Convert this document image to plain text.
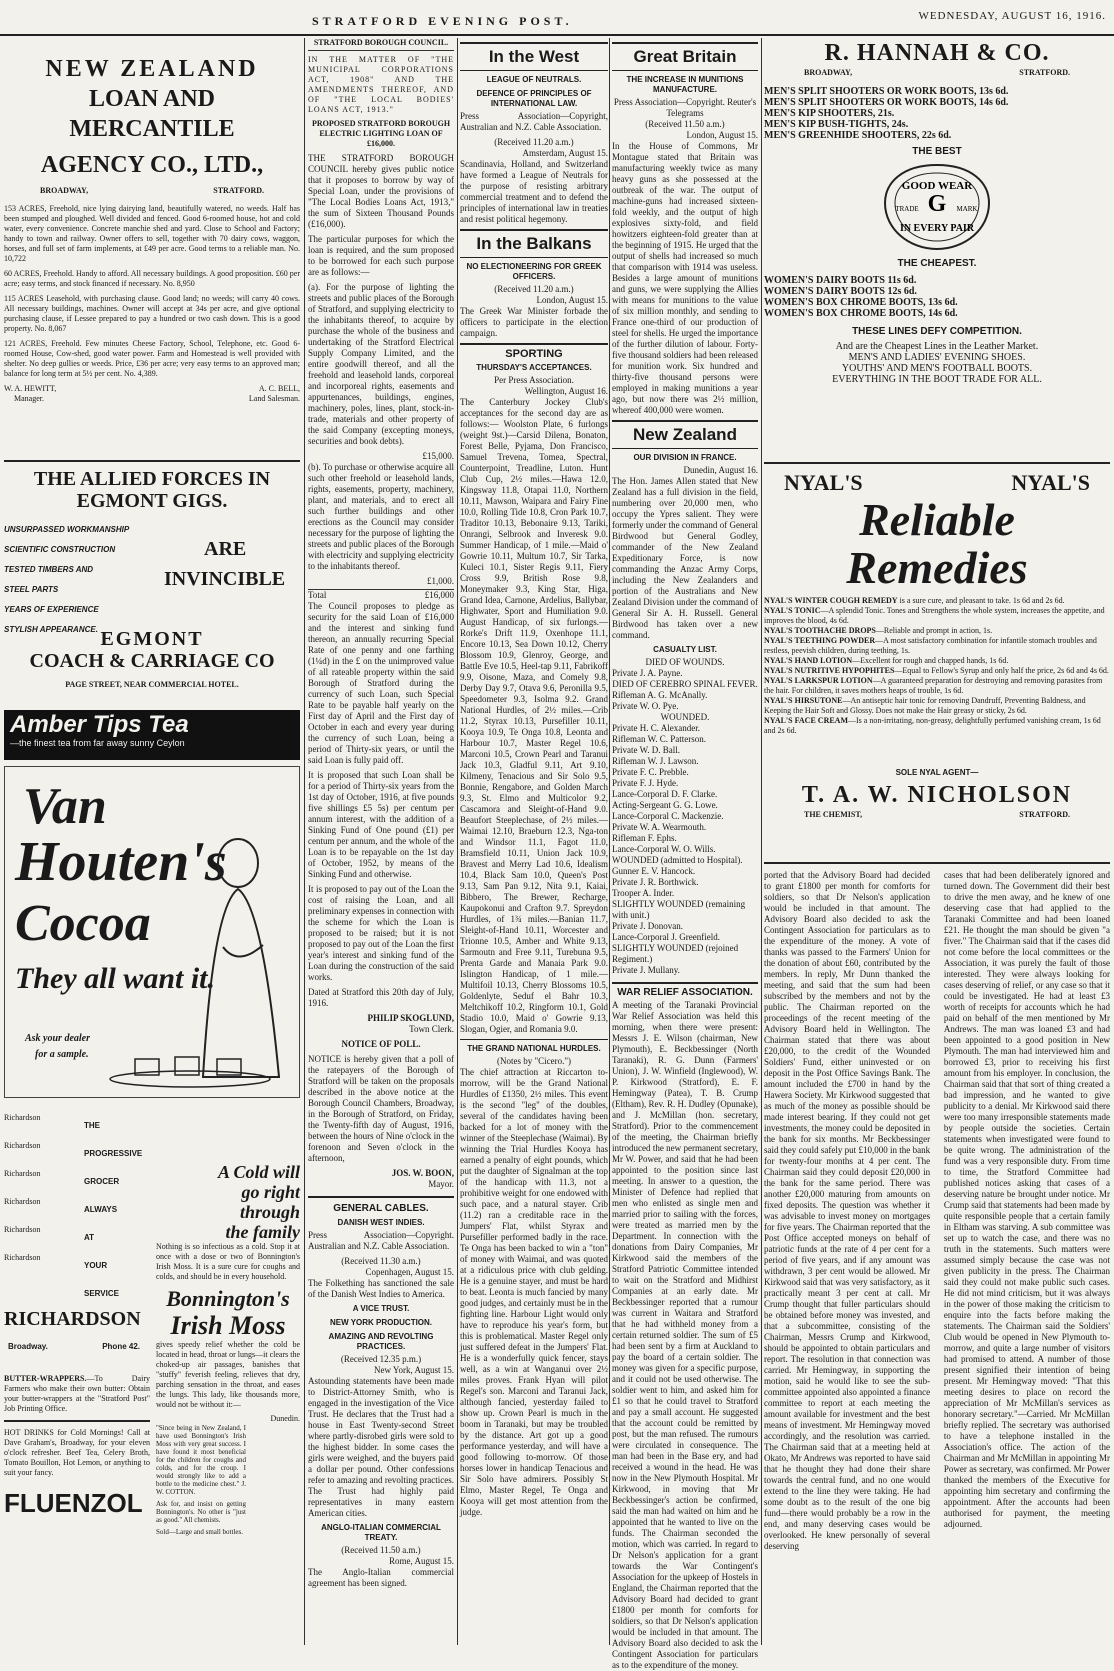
STRATFORD EVENING POST.	WEDNESDAY, AUGUST 16, 1916.
NEW ZEALAND
LOAN AND MERCANTILE
AGENCY CO., LTD.,
BROADWAY,	STRATFORD.
153 ACRES, Freehold, nice lying dairying land, beautifully watered, no weeds. Half has been stumped and ploughed. Well divided and fenced. Good 6-roomed house, hot and cold water, every convenience. Concrete manchie shed and yard. Close to School and Factory; handy to town and railway. Owner offers to sell, together with 70 dairy cows, waggon, horses, and full set of farm implements, at £49 per acre. Good terms to a reliable man. No. 10,722
60 ACRES, Freehold. Handy to afford. All necessary buildings. A good proposition. £60 per acre; easy terms, and stock financed if necessary. No. 8,950
115 ACRES Leasehold, with purchasing clause. Good land; no weeds; will carry 40 cows. All necessary buildings, machines. Owner will accept at 34s per acre, and give optional purchasing clause, if Lessee prepared to pay a hundred or two cash down. This is a good property. No. 8,067
121 ACRES, Freehold. Few minutes Cheese Factory, School, Telephone, etc. Good 6-roomed House, Cow-shed, good water power. Farm and Homestead is well provided with shelter. No deep gullies or weeds. Price, £36 per acre; very easy terms to an approved man; balance for long term at 5½ per cent. No. 4,389.
W. A. HEWITT,
Manager.
A. C. BELL,
Land Salesman.
THE ALLIED FORCES IN
EGMONT GIGS.
UNSURPASSED WORKMANSHIP
SCIENTIFIC CONSTRUCTION
TESTED TIMBERS AND
STEEL PARTS
YEARS OF EXPERIENCE
STYLISH APPEARANCE.
ARE
INVINCIBLE
EGMONT
COACH & CARRIAGE CO
PAGE STREET, NEAR COMMERCIAL HOTEL.
Amber Tips Tea
—the finest tea from far away sunny Ceylon
Van
Houten's
Cocoa
They all want it.
Ask your dealer
for a sample.
Richardson
Richardson
Richardson
Richardson
Richardson
Richardson
THE
PROGRESSIVE
GROCER
ALWAYS
AT
YOUR
SERVICE
RICHARDSON
Broadway.	Phone 42.
A Cold will
go right
through
the family

Nothing is so infectious as a cold. Stop it at once with a dose or two of Bonnington's Irish Moss. It is a sure cure for coughs and colds, and should be in every household.

Bonnington's
Irish Moss

gives speedy relief whether the cold be located in head, throat or lungs—it clears the choked-up air passages, banishes that "stuffy" feverish feeling, relieves that dry, parching sensation in the throat, and eases the lungs. This lady, like thousands more, would not be without it:—

Dunedin.

"Since being in New Zealand, I have used Bonnington's Irish Moss with very great success. I have found it most beneficial for the children for coughs and colds, and for the croup. I would strongly like to add a bottle to the medicine chest." J. W. COTTON.

Ask for, and insist on getting Bonnington's. No other is "just as good." All chemists.

Sold—Large and small bottles.

BUTTER-WRAPPERS.—To Dairy Farmers who make their own butter: Obtain your butter-wrappers at the "Stratford Post" Job Printing Office.

HOT DRINKS for Cold Mornings! Call at Dave Graham's, Broadway, for your eleven o'clock refresher. Beef Tea, Celery Broth, Tomato Bouillon, Hot Lemon, or anything to suit your fancy.

FLUENZOL
STRATFORD BOROUGH COUNCIL.

IN THE MATTER OF "THE MUNICIPAL CORPORATIONS ACT, 1908" AND THE AMENDMENTS THEREOF, AND OF "THE LOCAL BODIES' LOANS ACT, 1913."

PROPOSED STRATFORD BOROUGH ELECTRIC LIGHTING LOAN OF £16,000.

THE STRATFORD BOROUGH COUNCIL hereby gives public notice that it proposes to borrow by way of Special Loan, under the provisions of "The Local Bodies Loans Act, 1913," the sum of Sixteen Thousand Pounds (£16,000).

The particular purposes for which the loan is required, and the sum proposed to be borrowed for each such purpose are as follows:—

(a). For the purpose of lighting the streets and public places of the Borough of Stratford, and supplying electricity to the inhabitants thereof, to acquire by purchase the whole of the business and undertaking of the Stratford Electrical Supply Company Limited, and the entire goodwill thereof, and all the freehold and leasehold lands, corporeal and incorporeal rights, easements and appurtenances, buildings, engines, machinery, poles, lines, plant, stock-in-trade, materials and other property of the said Company (excepting moneys, securities and book debts).

£15,000.

(b). To purchase or otherwise acquire all such other freehold or leasehold lands, rights, easements, property, machinery, plant, and materials, and to erect all such further buildings and other erections as the Council may consider necessary for the purpose of lighting the streets and public places of the Borough with electricity and supplying electricity to the inhabitants thereof.

£1,000.
Total	£16,000

The Council proposes to pledge as security for the said Loan of £16,000 and the interest and sinking fund thereon, an annually recurring Special Rate of one penny and one farthing (1¼d) in the £ on the unimproved value of all rateable property within the said Borough of Stratford during the currency of such Loan, such Special Rate to be payable half yearly on the First day of April and the First day of October in each and every year during the currency of such Loan, being a period of Thirty-six years, or until the said Loan is fully paid off.

It is proposed that such Loan shall be for a period of Thirty-six years from the 1st day of October, 1916, at five pounds five shillings £5 5s) per centum per annum interest, with the addition of a Sinking Fund of One pound (£1) per centum per annum, and the whole of the Loan is to be repayable on the 1st day of October, 1952, by means of the Sinking Fund and otherwise.

It is proposed to pay out of the Loan the cost of raising the Loan, and all preliminary expenses in connection with the scheme for which the Loan is proposed to be raised; but it is not proposed to pay out of the Loan the first year's interest and sinking fund of the Loan during the construction of the said works.

Dated at Stratford this 20th day of July, 1916.

PHILIP SKOGLUND,
Town Clerk.
NOTICE OF POLL.

NOTICE is hereby given that a poll of the ratepayers of the Borough of Stratford will be taken on the proposals described in the above notice at the Borough Council Chambers, Broadway, in the Borough of Stratford, on Friday, the Twenty-fifth day of August, 1916, between the hours of Nine o'clock in the forenoon and Seven o'clock in the afternoon,

JOS. W. BOON,
Mayor.
GENERAL CABLES.
DANISH WEST INDIES.

Press Association—Copyright. Australian and N.Z. Cable Association.

(Received 11.30 a.m.)
Copenhagen, August 15.

The Folkething has sanctioned the sale of the Danish West Indies to America.

A VICE TRUST.
NEW YORK PRODUCTION.
AMAZING AND REVOLTING PRACTICES.
(Received 12.35 p.m.)
New York, August 15.

Astounding statements have been made to District-Attorney Smith, who is engaged in the investigation of the Vice Trust. He declares that the Trust had a house in East Twenty-second Street where partly-disrobed girls were sold to the highest bidder. In some cases the girls were weighed, and the buyers paid a dollar per pound. Other confessions refer to amazing and revolting practices. The Trust had highly paid representatives in many eastern American cities.

ANGLO-ITALIAN COMMERCIAL TREATY.
(Received 11.50 a.m.)
Rome, August 15.

The Anglo-Italian commercial agreement has been signed.

In the West
LEAGUE OF NEUTRALS.
DEFENCE OF PRINCIPLES OF INTERNATIONAL LAW.

Press Association—Copyright, Australian and N.Z. Cable Association.

(Received 11.20 a.m.)
Amsterdam, August 15.

Scandinavia, Holland, and Switzerland have formed a League of Neutrals for the purpose of resisting arbitrary commercial treatment and to defend the principles of international law in treaties and resist political hegemony.

In the Balkans
NO ELECTIONEERING FOR GREEK OFFICERS.
(Received 11.20 a.m.)
London, August 15.

The Greek War Minister forbade the officers to participate in the election campaign.

SPORTING
THURSDAY'S ACCEPTANCES.
Per Press Association.
Wellington, August 16.

The Canterbury Jockey Club's acceptances for the second day are as follows:— Woolston Plate, 6 furlongs (weight 9st.)—Carsid Dilena, Bonaton, Forest Belle, Pyjama, Don Francisco, Samuel Trevena, Tomea, Spectral, Counterpoint, Treadline, Luton. Hunt Club Cup, 2½ miles.—Hawa 12.0, Kingsway 11.8, Otapai 11.0, Northern 10.11, Mawson, Waipara and Fairy Fine 10.0, Rolling Tide 10.8, Cron Park 10.7, Traditor 10.13, Bebonaire 9.13, Tariki, Onrangi, Selbrook and Inveresk 9.0. Summer Handicap, of 1 mile.—Maid o' Gowrie 10.11, Multum 10.7, Sir Tarka, Kuleci 10.1, Sister Regis 9.11, Fiery Cross 9.9, British Rose 9.8, Moneymaker 9.3, King Star, Higa, Grand Idea, Carnone, Ardelius, Ballybar, Highwater, Sport and Humiliation 9.0. August Handicap, of six furlongs.—Rorke's Drift 11.9, Oxenhope 11.1, Encore 10.13, Sea Down 10.12, Cherry Blossom 10.9, Glenroy, George, and Battle Eve 10.5, Heel-tap 9.11, Fabrikoff 9.9, Oisone, Maza, and Comely 9.8, Derby Day 9.7, Otava 9.6, Peronilla 9.5, Speedometer 9.3, Isolma 9.2. Grand National Hurdles, of 2½ miles.—Crib 11.2, Styrax 10.13, Pursefiller 10.11, Kooya 10.9, Te Onga 10.8, Leonta and Harbour 10.7, Master Regel 10.6, Marconi 10.5, Crown Pearl and Taranui Jack 10.3, Gladful 9.11, Art 9.10, Kilmeny, Tenacious and Sir Solo 9.5, Bonnie, Rengabore, and Golden March 9.3, St. Elmo and Multicolor 9.2, Cascamora and Sleight-of-Hand 9.0. Beaufort Steeplechase, of 2½ miles.—Waimai 12.10, Braeburn 12.3, Nga-ton and Windsor 11.1, Fagot 11.0, Bramsfield 10.11, Union Jack 10.9, Bravest and Merry Lad 10.6, Idealism 10.4, Black Sam 10.0, Queen's Post 9.13, Sam Pan 9.12, Nita 9.1, Kaiai, Bibbero, The Brewer, Recharge, Kaupokonui and Crafton 9.7. Spreydon Hurdles, of 1¾ miles.—Banian 11.7, Sleight-of-Hand 10.11, Worcester and Trionne 10.5, Amber and White 9.13, Sarmoutn and Free 9.11, Turebuna 9.5, Prenta Garde and Manaia Park 9.0. Islington Handicap, of 1 mile.—Multifoil 10.13, Cherry Blossoms 10.5, Goldenlyte, Seduf el Bahr 10.3, Meltchikoff 10.2, Ringform 10.1, Gold Stadio 10.0, Maid o' Gowrie 9.13, Slogan, Ogier, and Romania 9.0.

THE GRAND NATIONAL HURDLES.
(Notes by "Cicero.")

The chief attraction at Riccarton to-morrow, will be the Grand National Hurdles of £1350, 2½ miles. This event is the second "leg" of the doubles, several of the candidates having been backed for a lot of money with the winner of the Steeplechase (Waimai). By winning the Trial Hurdles Kooya has earned a penalty of eight pounds, which put the daughter of Signalman at the top of the handicap with 11.3, not a prohibitive weight for one endowed with such pace, and a natural stayer. Crib (11.2) ran a creditable race in the Jumpers' Flat, whilst Styrax and Pursefiller performed badly in the race. Te Onga has been backed to win a "ton" of money with Waimai, and was quoted at a ridiculous price with club gelding. He is a genuine stayer, and must be hard to beat. Leonta is much fancied by many good judges, and certainly must be in the fighting line. Harbour Light would only have to reproduce his year's form, but this is problematical. Master Regel only just suffered defeat in the Jumpers' Flat. He is a wonderfully quick fencer, stays well, as a win at Wanganui over 2½ miles proves. Frank Hyan will pilot Regel's son. Marconi and Taranui Jack, although fancied, yesterday failed to show up. Crown Pearl is much in the boom in Taranaki, but may be troubled by the distance. Art got up a good performance yesterday, and will have a good following to-morrow. Of those horses lower in handicap Tenacious and Sir Solo have admirers. Possibly St Elmo, Master Regel, Te Onga and Kooya will get most attention from the judge.

Great Britain
THE INCREASE IN MUNITIONS MANUFACTURE.
Press Association—Copyright. Reuter's Telegrams
(Received 11.50 a.m.)
London, August 15.

In the House of Commons, Mr Montague stated that Britain was manufacturing weekly twice as many heavy guns as she possessed at the outbreak of the war. The output of machine-guns had increased sixteen-fold weekly, and the output of high explosives sixty-fold, and field howitzers eighteen-fold greater than at the beginning of 1915. He urged that the output of shells had increased so much that comparison with 1914 was useless. Besides a large amount of munitions and guns, we were supplying the Allies with means for munitions to the value of six million monthly, and sending to France one-third of our production of steel for shells. He urged the importance of the further dilution of labour. Forty-five thousand soldiers had been released for munition work. Six hundred and thirty-five thousand persons were employed in making munitions a year ago, but now there was 2½ million, whereof 400,000 were women.

New Zealand
OUR DIVISION IN FRANCE.
Dunedin, August 16.

The Hon. James Allen stated that New Zealand has a full division in the field, numbering over 20,000 men, who occupy the Ypres salient. They were formerly under the command of General Birdwood but General Godley, commander of the New Zealand Expeditionary Force, is now commanding the Anzac Army Corps, including the New Zealanders and portion of the Australians and New Zealand Division under the command of General Sir A. H. Russell. General Birdwood has taken over a new command.

CASUALTY LIST.
DIED OF WOUNDS.
Private J. A. Payne.
DIED OF CEREBRO SPINAL FEVER.
Rifleman A. G. McAnally.
Private W. O. Pye.
WOUNDED.
Private H. C. Alexander.
Rifleman W. C. Patterson.
Private W. D. Ball.
Rifleman W. J. Lawson.
Private F. C. Prebble.
Private F. J. Hyde.
Lance-Corporal D. F. Clarke.
Acting-Sergeant G. G. Lowe.
Lance-Corporal C. Mackenzie.
Private W. A. Wearmouth.
Rifleman F. Ephs.
Lance-Corporal W. O. Wills.
WOUNDED (admitted to Hospital).
Gunner E. V. Hancock.
Private J. R. Borthwick.
Trooper A. Inder.
SLIGHTLY WOUNDED (remaining with unit.)
Private J. Donovan.
Lance-Corporal J. Greenfield.
SLIGHTLY WOUNDED (rejoined Regiment.)
Private J. Mullany.
WAR RELIEF ASSOCIATION.

A meeting of the Taranaki Provincial War Relief Association was held this morning, when there were present: Messrs J. E. Wilson (chairman, New Plymouth), E. Beckbessinger (North Taranaki), R. G. Dunn (Farmers' Union), J. W. Winfield (Inglewood), W. P. Kirkwood (Stratford), E. F. Hemingway (Patea), T. B. Crump (Eltham), Rev. R. H. Dudley (Opunake), and J. McMillan (hon. secretary, Stratford). Prior to the commencement of the meeting, the Chairman briefly introduced the new permanent secretary, Mr W. Power, and said that he had been appointed to the position since last meeting. In answer to a question, the Minister of Defence had replied that men who enlisted as single men and married prior to sailing with the forces, were treated as married men by the Department. In connection with the donations from Dairy Companies, Mr Kirkwood said the members of the Stratford Patriotic Committee intended to wait on the Stratford and Midhirst Companies at an early date. Mr Beckbessinger reported that a rumour was current in Waitara and Stratford that he had withheld money from a certain returned soldier. The sum of £5 had been sent by a firm at Auckland to pay the board of a certain soldier. The money was given for a specific purpose, and it could not be used otherwise. The soldier went to him, and asked him for £1 so that he could travel to Stratford and pay a small account. He suggested that the account could be remitted by post, but the man refused. The rumours were circulated in consequence. The man had been in the Base ery, and had received a wound in the head. He was now in the New Plymouth Hospital. Mr Kirkwood, in moving that Mr Beckbessinger's action be confirmed, said the man had waited on him and he appointed that he wanted to live on the funds. The Chairman seconded the motion, which was carried. In regard to Dr Nelson's application for a grant towards the War Contingent's Association for the upkeep of Hostels in England, the Chairman reported that the Advisory Board had decided to grant £1800 per month for comforts for soldiers, so that Dr Nelson's application would be included in that amount. The Advisory Board also decided to ask the Contingent Association for particulars as to the expenditure of the money.

R. HANNAH & CO.
BROADWAY,	STRATFORD.
MEN'S SPLIT SHOOTERS OR WORK BOOTS, 13s 6d.
MEN'S SPLIT SHOOTERS OR WORK BOOTS, 14s 6d.
MEN'S KIP SHOOTERS, 21s.
MEN'S KIP BUSH-TIGHTS, 24s.
MEN'S GREENHIDE SHOOTERS, 22s 6d.
THE BEST
GOOD WEAR
G
TRADE	MARK
IN EVERY PAIR
THE CHEAPEST.
WOMEN'S DAIRY BOOTS 11s 6d.
WOMEN'S DAIRY BOOTS 12s 6d.
WOMEN'S BOX CHROME BOOTS, 13s 6d.
WOMEN'S BOX CHROME BOOTS, 14s 6d.
THESE LINES DEFY COMPETITION.
And are the Cheapest Lines in the Leather Market.
MEN'S AND LADIES' EVENING SHOES.
YOUTHS' AND MEN'S FOOTBALL BOOTS.
EVERYTHING IN THE BOOT TRADE FOR ALL.
NYAL'S	NYAL'S
Reliable
Remedies
NYAL'S WINTER COUGH REMEDY is a sure cure, and pleasant to take. 1s 6d and 2s 6d.
NYAL'S TONIC—A splendid Tonic. Tones and Strengthens the whole system, increases the appetite, and improves the blood, 4s 6d.
NYAL'S TOOTHACHE DROPS—Reliable and prompt in action, 1s.
NYAL'S TEETHING POWDER—A most satisfactory combination for infantile stomach troubles and restless, peevish children, during teething, 1s.
NYAL'S HAND LOTION—Excellent for rough and chapped hands, 1s 6d.
NYAL'S NUTRITIVE HYPOPHITES—Equal to Fellow's Syrup and only half the price, 2s 6d and 4s 6d.
NYAL'S LARKSPUR LOTION—A guaranteed preparation for destroying and removing parasites from the hair. For children, it saves mothers heaps of trouble, 1s 6d.
NYAL'S HIRSUTONE—An antiseptic hair tonic for removing Dandruff, Preventing Baldness, and Keeping the Hair Soft and Glossy. Does not make the Hair greasy or sticky, 2s 6d.
NYAL'S FACE CREAM—Is a non-irritating, non-greasy, delightfully perfumed vanishing cream, 1s 6d and 2s 6d.
SOLE NYAL AGENT—
T. A. W. NICHOLSON
THE CHEMIST,	STRATFORD.

ported that the Advisory Board had decided to grant £1800 per month for comforts for soldiers, so that Dr Nelson's application would be included in that amount. The Advisory Board also decided to ask the Contingent Association for particulars as to the expenditure of the money. A vote of thanks was passed to the Farmers' Union for the donation of about £60, contributed by the members. In reply, Mr Dunn thanked the meeting, and said that the sum had been subscribed by the members and not by the public. The Chairman reported on the proceedings of the recent meeting of the Advisory Board held in Wellington. The Chairman stated that there was about £20,000, to the credit of the Wounded Soldiers' Fund, either uninvested or on deposit in the Post Office Savings Bank. The amount included the £700 in hand by the Hawera Society. Mr Kirkwood suggested that as much of the money as possible should be made interest bearing. If they could not get investments, the money could be deposited in the bank for six months. Mr Beckbessinger said they could safely put £10,000 in the bank for twenty-four months at 4 per cent. The Chairman said they could deposit £20,000 in the bank for the same period. There was another £20,000 maturing from amounts on fixed deposits. The question was whether it was advisable to invest money on mortgages for five years. The Chairman reported that the Post Office accepted moneys on behalf of patriotic funds at the rate of 4 per cent for a period of five years, and if any amount was withdrawn, 3 per cent would be allowed. Mr Kirkwood said that was very satisfactory, as it practically meant 3 per cent at call. Mr Crump thought that fuller particulars should be obtained before money was invested, and that a subcommittee, consisting of the Chairman, Messrs Crump and Kirkwood, should be appointed to obtain particulars and report. The resolution in that connection was carried. Mr Hemingway, in supporting the motion, said he would like to see the sub-committee appointed also appointed a finance committee to report at each meeting the amount available for investment and the best means of investment. Mr Hemingway moved accordingly, and the resolution was carried. The Chairman said that at a meeting held at Okato, Mr Andrews was reported to have said that he thought they had done their share towards the central fund, and no one would extend to the line they were taking. He had some doubt as to the result of the one big fund—there would probably be a row in the end, and many deserving cases would be overlooked. He knew personally of several deserving

cases that had been deliberately ignored and turned down. The Government did their best to drive the men away, and he knew of one deserving case that had applied to the Taranaki Committee and had been loaned £21. He thought the man should be given "a fiver." The Chairman said that if the cases did not come before the local committees or the Association, it was purely the fault of those interested. They were always looking for cases deserving of relief, or any case so that it could be investigated. He had at least £3 worth of receipts for accounts which he had paid on behalf of the men mentioned by Mr Andrews. The man was loaned £3 and had been appointed to a good position in New Plymouth. The man had interviewed him and borrowed £3, prior to receiving his first amount from his employer. In conclusion, the Chairman said that that sort of thing created a bad impression, and he wanted to give publicity to a denial. Mr Kirkwood said there were too many irresponsible statements made by people outside the societies. Certain statements when investigated were found to be quite wrong. The administration of the fund was a very responsible duty. From time to time, the Stratford Committee had published notices asking that cases of a deserving nature be brought under notice. Mr Crump said that statements had been made by quite responsible people that a certain family in Eltham was starving. A sub committee was set up to watch the case, and there was no truth in the statements. Such matters were assumed simply because the case was not given publicity in the press. The Chairman said they could not make public such cases. He did not mind criticism, but it was always in the power of those making the criticism to enquire into the facts before making the statements. The Chairman said the Soldiers' Club would be opened in New Plymouth to-morrow, and quite a large number of visitors had promised to attend. A number of those present signified their intention of being present. Mr Hemingway moved: "That this meeting desires to place on record the appreciation of Mr McMillan's services as honorary secretary."—Carried. Mr McMillan briefly replied. The secretary was authorised to have a telephone installed in the Association's office. The action of the Chairman and Mr McMillan in appointing Mr Power as secretary, was confirmed. Mr Power thanked the members of the Executive for appointing him secretary and confirming the appointment. After the accounts had been authorised for payment, the meeting adjourned.
